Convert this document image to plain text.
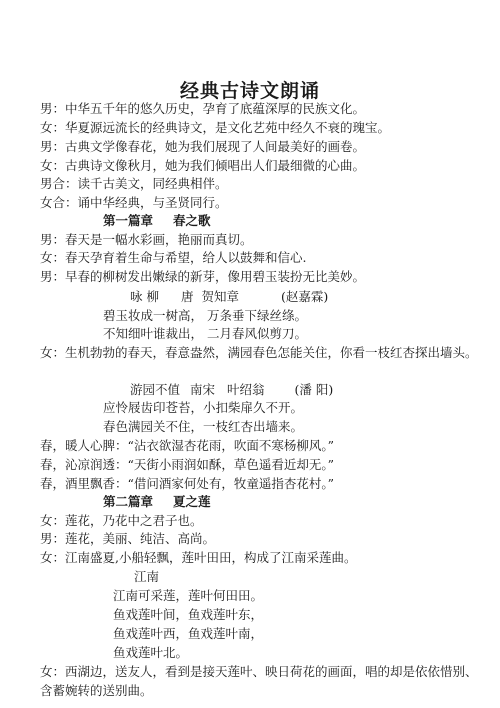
经典古诗文朗诵
男：中华五千年的悠久历史，孕育了底蕴深厚的民族文化。
女：华夏源远流长的经典诗文，是文化艺苑中经久不衰的瑰宝。
男：古典文学像春花，她为我们展现了人间最美好的画卷。
女：古典诗文像秋月，她为我们倾唱出人们最细微的心曲。
男合：读千古美文，同经典相伴。
女合：诵中华经典，与圣贤同行。
第一篇章 春之歌
男：春天是一幅水彩画，艳丽而真切。
女：春天孕育着生命与希望，给人以鼓舞和信心.
男：早春的柳树发出嫩绿的新芽，像用碧玉装扮无比美妙。
咏 柳 唐 贺知章	(赵嘉霖)
碧玉妆成一树高， 万条垂下绿丝绦。
不知细叶谁裁出， 二月春风似剪刀。
女：生机勃勃的春天，春意盎然，满园春色怎能关住，你看一枝红杏探出墙头。
游园不值 南宋 叶绍翁 (潘 阳)
应怜屐齿印苍苔，小扣柴扉久不开。
春色满园关不住，一枝红杏出墙来。
春，暖人心脾：“沾衣欲湿杏花雨，吹面不寒杨柳风。”
春，沁凉润透：“天街小雨润如酥，草色遥看近却无。”
春，酒里飘香：“借问酒家何处有，牧童遥指杏花村。”
第二篇章 夏之莲
女：莲花，乃花中之君子也。
男：莲花，美丽、纯洁、高尚。
女：江南盛夏,小船轻飘，莲叶田田，构成了江南采莲曲。
江南
江南可采莲，莲叶何田田。
鱼戏莲叶间，鱼戏莲叶东，
鱼戏莲叶西，鱼戏莲叶南，
鱼戏莲叶北。
女：西湖边，送友人，看到是接天莲叶、映日荷花的画面，唱的却是依依惜别、
含蓄婉转的送别曲。
